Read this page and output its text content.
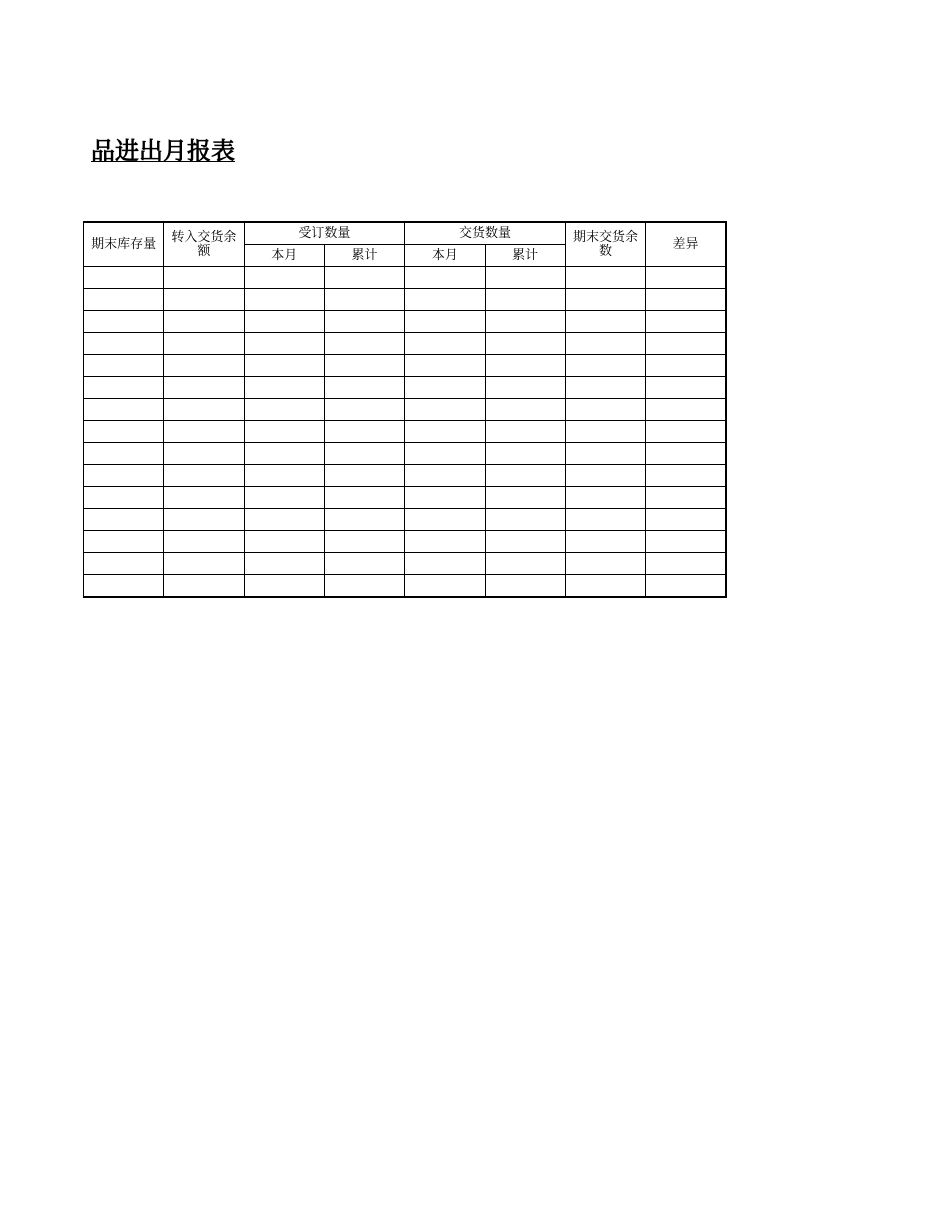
品进出月报表
期末库存量	转入交货余额	受订数量		交货数量		期末交货余数	差异
		本月	累计	本月	累计		
